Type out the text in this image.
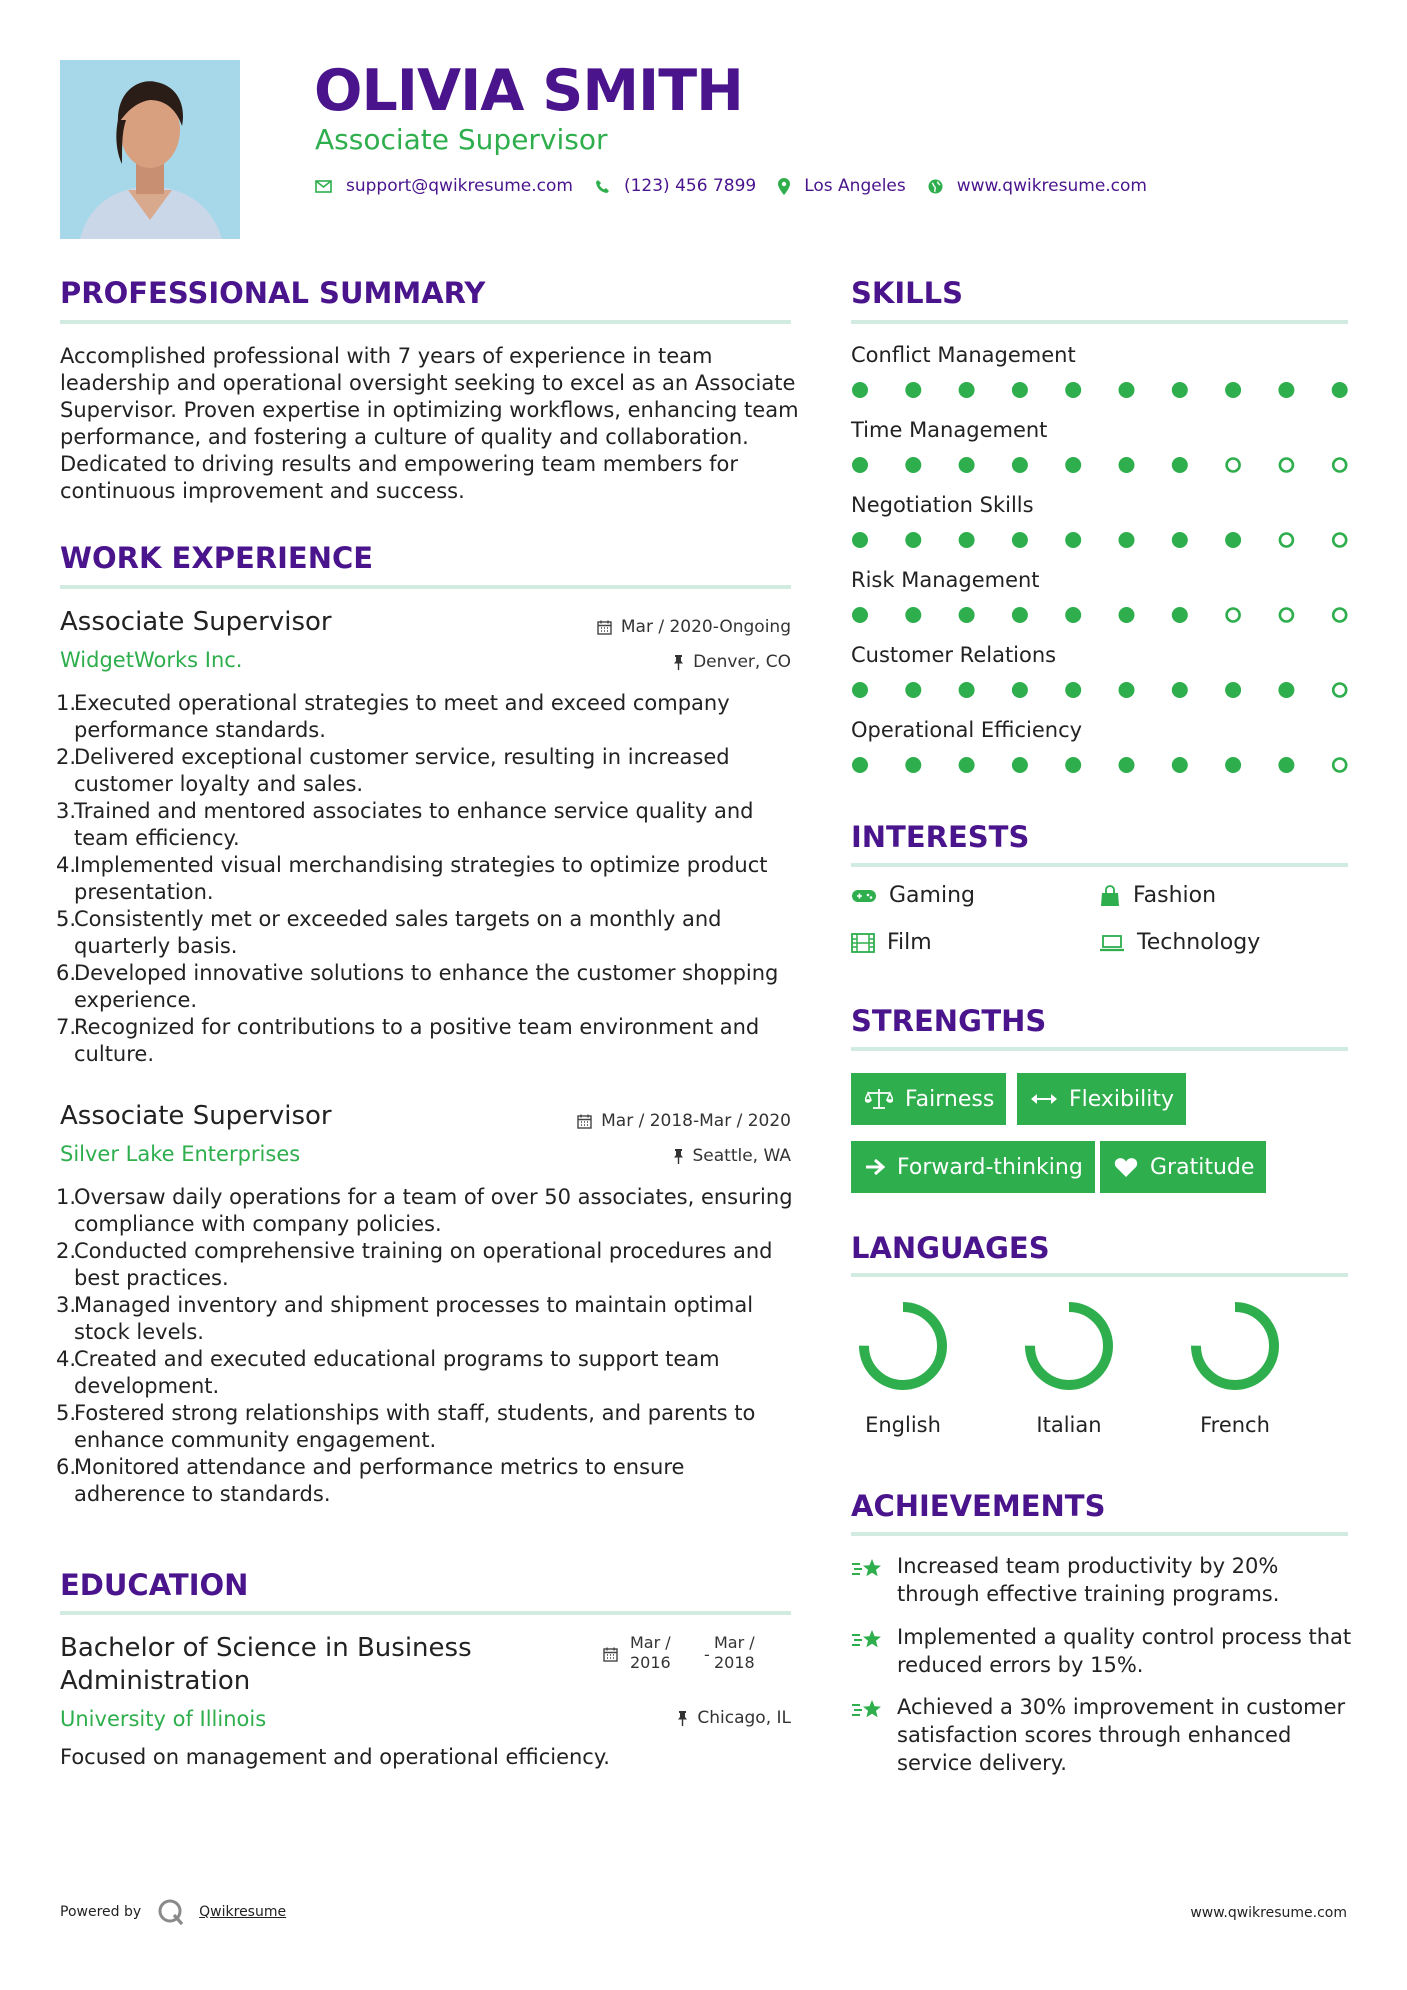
OLIVIA SMITH
Associate Supervisor
support@qwikresume.com	(123) 456 7899	Los Angeles	www.qwikresume.com
PROFESSIONAL SUMMARY
Accomplished professional with 7 years of experience in team
leadership and operational oversight seeking to excel as an Associate
Supervisor. Proven expertise in optimizing workflows, enhancing team
performance, and fostering a culture of quality and collaboration.
Dedicated to driving results and empowering team members for
continuous improvement and success.
WORK EXPERIENCE
Associate Supervisor	Mar / 2020-Ongoing
WidgetWorks Inc.	Denver, CO
1.
Executed operational strategies to meet and exceed company
performance standards.
2.
Delivered exceptional customer service, resulting in increased
customer loyalty and sales.
3.
Trained and mentored associates to enhance service quality and
team efficiency.
4.
Implemented visual merchandising strategies to optimize product
presentation.
5.
Consistently met or exceeded sales targets on a monthly and
quarterly basis.
6.
Developed innovative solutions to enhance the customer shopping
experience.
7.
Recognized for contributions to a positive team environment and
culture.
Associate Supervisor	Mar / 2018-Mar / 2020
Silver Lake Enterprises	Seattle, WA
1.
Oversaw daily operations for a team of over 50 associates, ensuring
compliance with company policies.
2.
Conducted comprehensive training on operational procedures and
best practices.
3.
Managed inventory and shipment processes to maintain optimal
stock levels.
4.
Created and executed educational programs to support team
development.
5.
Fostered strong relationships with staff, students, and parents to
enhance community engagement.
6.
Monitored attendance and performance metrics to ensure
adherence to standards.
EDUCATION
Bachelor of Science in Business
Administration
Mar /
2016 -
Mar /
2018
University of Illinois	Chicago, IL
Focused on management and operational efficiency.
SKILLS
Conflict Management
Time Management
Negotiation Skills
Risk Management
Customer Relations
Operational Efficiency
INTERESTS
Gaming	Fashion
Film	Technology
STRENGTHS
Fairness	Flexibility
Forward-thinking	Gratitude
LANGUAGES
English	Italian	French
ACHIEVEMENTS
Increased team productivity by 20%
through effective training programs.
Implemented a quality control process that
reduced errors by 15%.
Achieved a 30% improvement in customer
satisfaction scores through enhanced
service delivery.
Powered by	Qwikresume	www.qwikresume.com
